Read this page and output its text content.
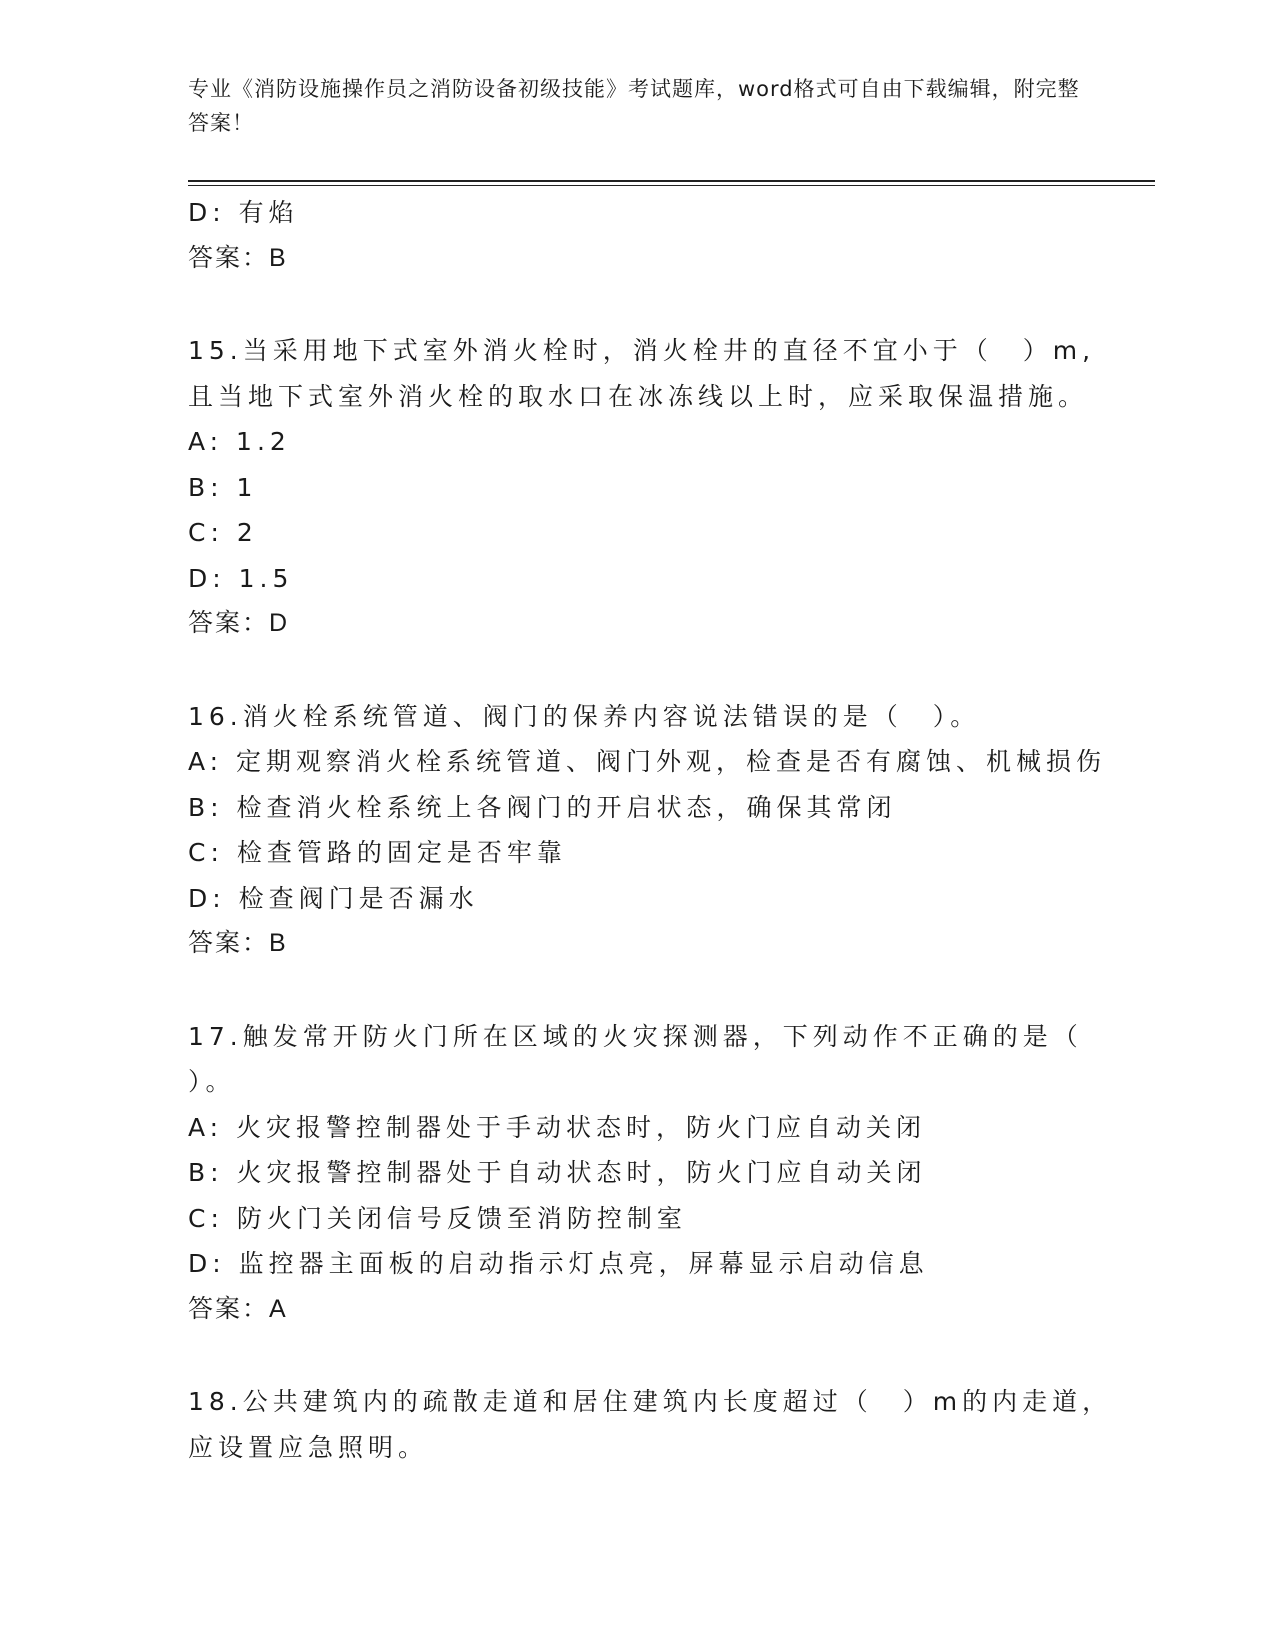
专业《消防设施操作员之消防设备初级技能》考试题库，word格式可自由下载编辑，附完整答案！
D: 有焰
答案：B
15.当采用地下式室外消火栓时，消火栓井的直径不宜小于（　）m,
且当地下式室外消火栓的取水口在冰冻线以上时，应采取保温措施。
A: 1.2
B: 1
C: 2
D: 1.5
答案：D
16.消火栓系统管道、阀门的保养内容说法错误的是（　）。
A: 定期观察消火栓系统管道、阀门外观，检查是否有腐蚀、机械损伤
B: 检查消火栓系统上各阀门的开启状态，确保其常闭
C: 检查管路的固定是否牢靠
D: 检查阀门是否漏水
答案：B
17.触发常开防火门所在区域的火灾探测器，下列动作不正确的是（
）。
A: 火灾报警控制器处于手动状态时，防火门应自动关闭
B: 火灾报警控制器处于自动状态时，防火门应自动关闭
C: 防火门关闭信号反馈至消防控制室
D: 监控器主面板的启动指示灯点亮，屏幕显示启动信息
答案：A
18.公共建筑内的疏散走道和居住建筑内长度超过（　）m的内走道，
应设置应急照明。
